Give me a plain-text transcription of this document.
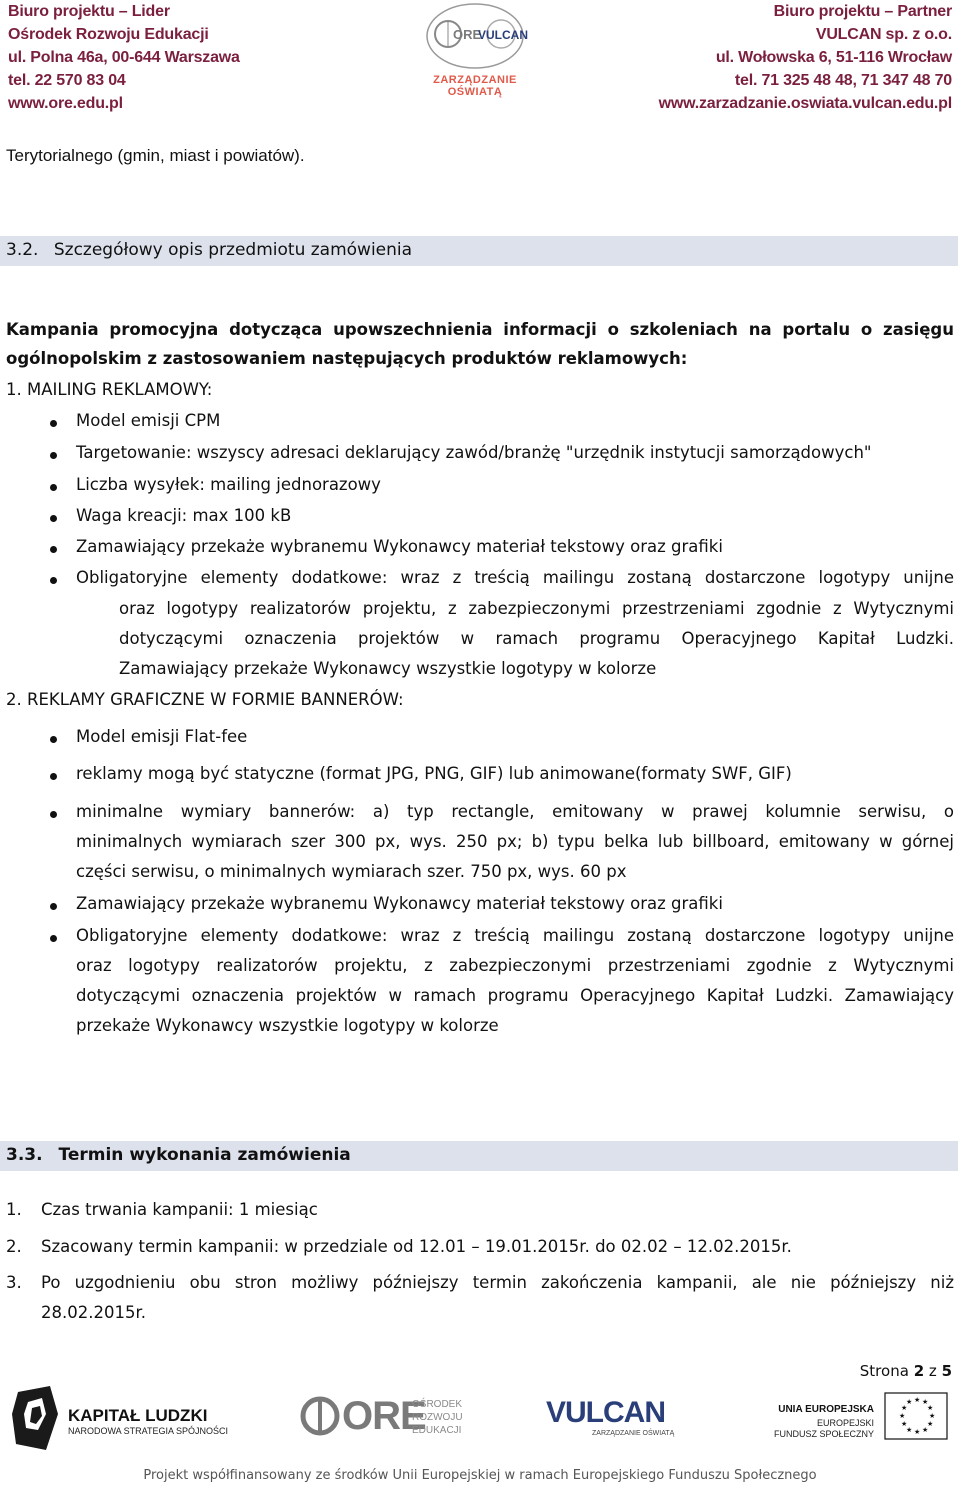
Biuro projektu – Lider
Ośrodek Rozwoju Edukacji
ul. Polna 46a, 00-644 Warszawa
tel. 22 570 83 04
www.ore.edu.pl
ORE
VULCAN
ZARZĄDZANIE OŚWIATĄ
Biuro projektu – Partner
VULCAN sp. z o.o.
ul. Wołowska 6, 51-116 Wrocław
tel. 71 325 48 48, 71 347 48 70
www.zarzadzanie.oswiata.vulcan.edu.pl
Terytorialnego (gmin, miast i powiatów).
3.2. Szczegółowy opis przedmiotu zamówienia
Kampania promocyjna dotycząca upowszechnienia informacji o szkoleniach na portalu o zasięgu
ogólnopolskim z zastosowaniem następujących produktów reklamowych:
1. MAILING REKLAMOWY:
Model emisji CPM
Targetowanie: wszyscy adresaci deklarujący zawód/branżę "urzędnik instytucji samorządowych"
Liczba wysyłek: mailing jednorazowy
Waga kreacji: max 100 kB
Zamawiający przekaże wybranemu Wykonawcy materiał tekstowy oraz grafiki
Obligatoryjne elementy dodatkowe: wraz z treścią mailingu zostaną dostarczone logotypy unijne
oraz logotypy realizatorów projektu, z zabezpieczonymi przestrzeniami zgodnie z Wytycznymi
dotyczącymi oznaczenia projektów w ramach programu Operacyjnego Kapitał Ludzki.
Zamawiający przekaże Wykonawcy wszystkie logotypy w kolorze
2. REKLAMY GRAFICZNE W FORMIE BANNERÓW:
Model emisji Flat-fee
reklamy mogą być statyczne (format JPG, PNG, GIF) lub animowane(formaty SWF, GIF)
minimalne wymiary bannerów: a) typ rectangle, emitowany w prawej kolumnie serwisu, o
minimalnych wymiarach szer 300 px, wys. 250 px; b) typu belka lub billboard, emitowany w górnej
części serwisu, o minimalnych wymiarach szer. 750 px, wys. 60 px
Zamawiający przekaże wybranemu Wykonawcy materiał tekstowy oraz grafiki
Obligatoryjne elementy dodatkowe: wraz z treścią mailingu zostaną dostarczone logotypy unijne
oraz logotypy realizatorów projektu, z zabezpieczonymi przestrzeniami zgodnie z Wytycznymi
dotyczącymi oznaczenia projektów w ramach programu Operacyjnego Kapitał Ludzki. Zamawiający
przekaże Wykonawcy wszystkie logotypy w kolorze
3.3. Termin wykonania zamówienia
1. Czas trwania kampanii: 1 miesiąc
2. Szacowany termin kampanii: w przedziale od 12.01 – 19.01.2015r. do 02.02 – 12.02.2015r.
3. Po uzgodnieniu obu stron możliwy późniejszy termin zakończenia kampanii, ale nie późniejszy niż
28.02.2015r.
Strona 2 z 5
KAPITAŁ LUDZKI
NARODOWA STRATEGIA SPÓJNOŚCI	ORE
OŚRODEK
ROZWOJU
EDUKACJI
VULCAN
ZARZĄDZANIE OŚWIATĄ
UNIA EUROPEJSKA
EUROPEJSKI
FUNDUSZ SPOŁECZNY
★ ★
★
★
★
★
★
★
★
★
★
★
Projekt współfinansowany ze środków Unii Europejskiej w ramach Europejskiego Funduszu Społecznego
